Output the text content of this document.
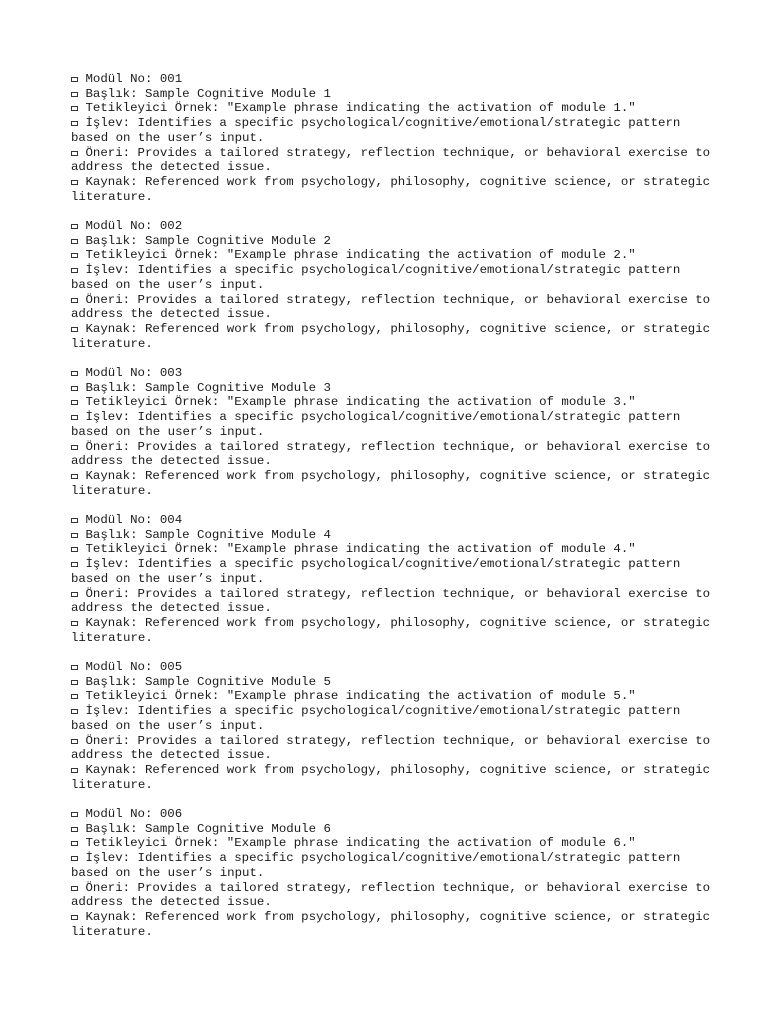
Modül No: 001
Başlık: Sample Cognitive Module 1
Tetikleyici Örnek: "Example phrase indicating the activation of module 1."
İşlev: Identifies a specific psychological/cognitive/emotional/strategic pattern based on the user’s input.
Öneri: Provides a tailored strategy, reflection technique, or behavioral exercise to address the detected issue.
Kaynak: Referenced work from psychology, philosophy, cognitive science, or strategic literature.
Modül No: 002
Başlık: Sample Cognitive Module 2
Tetikleyici Örnek: "Example phrase indicating the activation of module 2."
İşlev: Identifies a specific psychological/cognitive/emotional/strategic pattern based on the user’s input.
Öneri: Provides a tailored strategy, reflection technique, or behavioral exercise to address the detected issue.
Kaynak: Referenced work from psychology, philosophy, cognitive science, or strategic literature.
Modül No: 003
Başlık: Sample Cognitive Module 3
Tetikleyici Örnek: "Example phrase indicating the activation of module 3."
İşlev: Identifies a specific psychological/cognitive/emotional/strategic pattern based on the user’s input.
Öneri: Provides a tailored strategy, reflection technique, or behavioral exercise to address the detected issue.
Kaynak: Referenced work from psychology, philosophy, cognitive science, or strategic literature.
Modül No: 004
Başlık: Sample Cognitive Module 4
Tetikleyici Örnek: "Example phrase indicating the activation of module 4."
İşlev: Identifies a specific psychological/cognitive/emotional/strategic pattern based on the user’s input.
Öneri: Provides a tailored strategy, reflection technique, or behavioral exercise to address the detected issue.
Kaynak: Referenced work from psychology, philosophy, cognitive science, or strategic literature.
Modül No: 005
Başlık: Sample Cognitive Module 5
Tetikleyici Örnek: "Example phrase indicating the activation of module 5."
İşlev: Identifies a specific psychological/cognitive/emotional/strategic pattern based on the user’s input.
Öneri: Provides a tailored strategy, reflection technique, or behavioral exercise to address the detected issue.
Kaynak: Referenced work from psychology, philosophy, cognitive science, or strategic literature.
Modül No: 006
Başlık: Sample Cognitive Module 6
Tetikleyici Örnek: "Example phrase indicating the activation of module 6."
İşlev: Identifies a specific psychological/cognitive/emotional/strategic pattern based on the user’s input.
Öneri: Provides a tailored strategy, reflection technique, or behavioral exercise to address the detected issue.
Kaynak: Referenced work from psychology, philosophy, cognitive science, or strategic literature.
